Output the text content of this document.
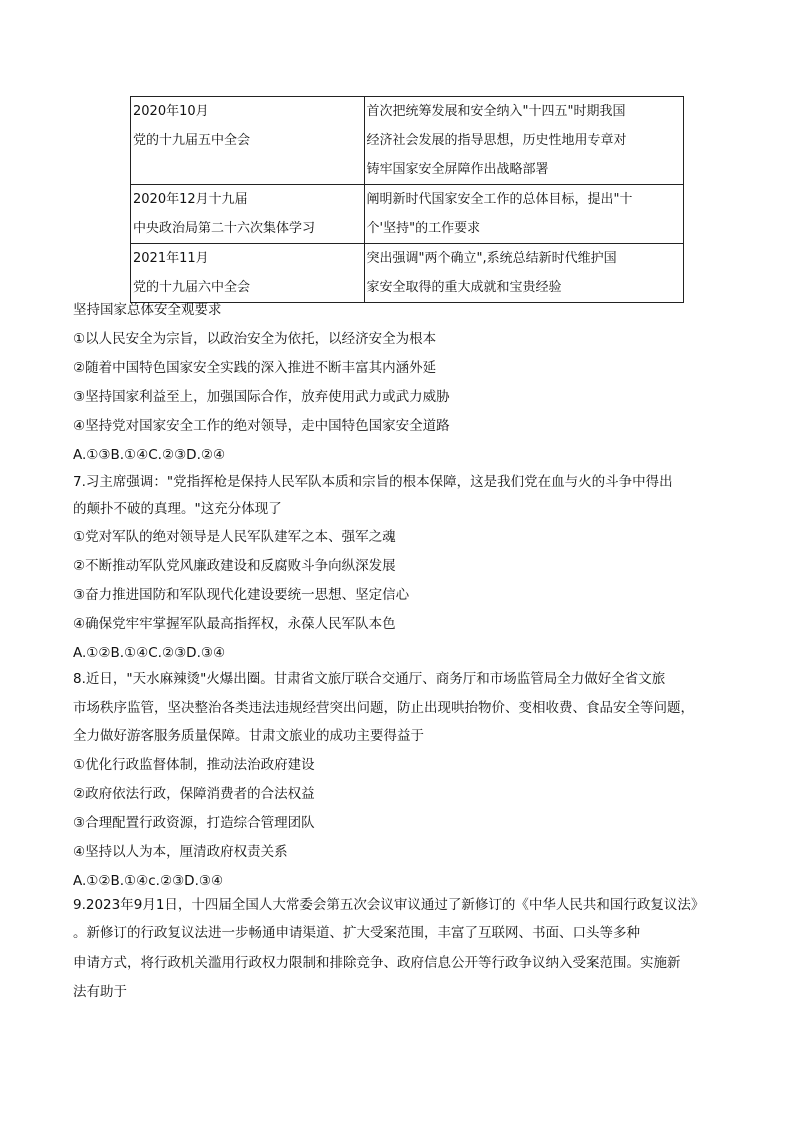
2020年10月
党的十九届五中全会	首次把统筹发展和安全纳入"十四五"时期我国
经济社会发展的指导思想，历史性地用专章对
铸牢国家安全屏障作出战略部署

2020年12月十九届
中央政治局第二十六次集体学习	阐明新时代国家安全工作的总体目标，提出"十
个'坚持"的工作要求

2021年11月
党的十九届六中全会	突出强调"两个确立",系统总结新时代维护国
家安全取得的重大成就和宝贵经验
坚持国家总体安全观要求
①以人民安全为宗旨，以政治安全为依托，以经济安全为根本
②随着中国特色国家安全实践的深入推进不断丰富其内涵外延
③坚持国家利益至上，加强国际合作，放弃使用武力或武力威胁
④坚持党对国家安全工作的绝对领导，走中国特色国家安全道路
A.①③B.①④C.②③D.②④
7.习主席强调："党指挥枪是保持人民军队本质和宗旨的根本保障，这是我们党在血与火的斗争中得出
的颠扑不破的真理。"这充分体现了
①党对军队的绝对领导是人民军队建军之本、强军之魂
②不断推动军队党风廉政建设和反腐败斗争向纵深发展
③奋力推进国防和军队现代化建设要统一思想、坚定信心
④确保党牢牢掌握军队最高指挥权，永葆人民军队本色
A.①②B.①④C.②③D.③④
8.近日，"天水麻辣烫"火爆出圈。甘肃省文旅厅联合交通厅、商务厅和市场监管局全力做好全省文旅
市场秩序监管，坚决整治各类违法违规经营突出问题，防止出现哄抬物价、变相收费、食品安全等问题，
全力做好游客服务质量保障。甘肃文旅业的成功主要得益于
①优化行政监督体制，推动法治政府建设
②政府依法行政，保障消费者的合法权益
③合理配置行政资源，打造综合管理团队
④坚持以人为本，厘清政府权责关系
A.①②B.①④c.②③D.③④
9.2023年9月1日，十四届全国人大常委会第五次会议审议通过了新修订的《中华人民共和国行政复议法》
。新修订的行政复议法进一步畅通申请渠道、扩大受案范围，丰富了互联网、书面、口头等多种
申请方式，将行政机关滥用行政权力限制和排除竞争、政府信息公开等行政争议纳入受案范围。实施新
法有助于
